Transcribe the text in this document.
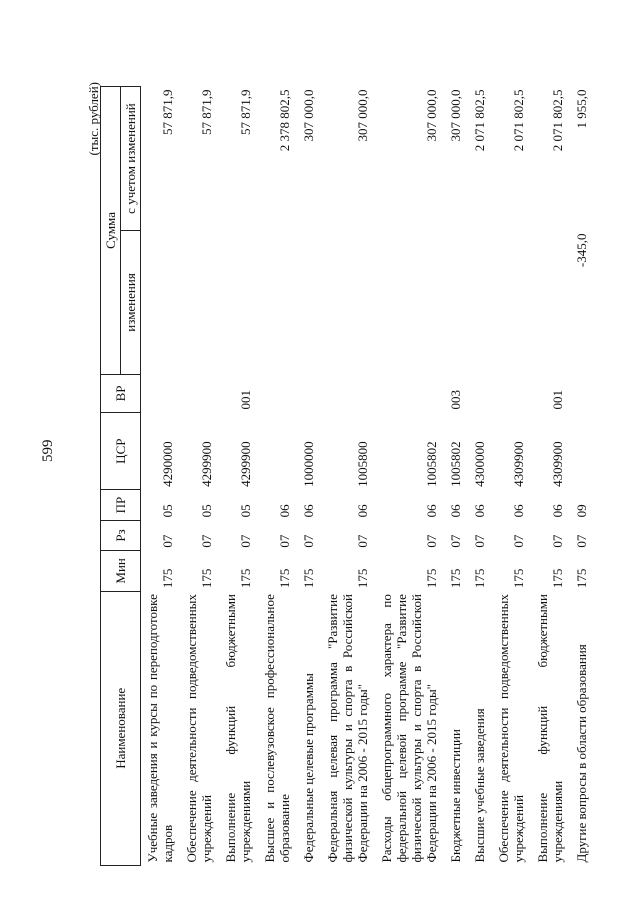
599
(тыс. рублей)
Наименование	Мин	Рз	ПР	ЦСР	ВР	Сумма	
						изменения	с учетом изменений
Учебные заведения и курсы по переподготовке кадров	175	07	05	4290000			57 871,9
Обеспечение деятельности подведомственных учреждений	175	07	05	4299900			57 871,9
Выполнение функций бюджетными учреждениями	175	07	05	4299900	001		57 871,9
Высшее и послевузовское профессиональное образование	175	07	06				2 378 802,5
Федеральные целевые программы	175	07	06	1000000			307 000,0
Федеральная целевая программа "Развитие физической культуры и спорта в Российской Федерации на 2006 - 2015 годы"	175	07	06	1005800			307 000,0
Расходы общепрограммного характера по федеральной целевой программе "Развитие физической культуры и спорта в Российской Федерации на 2006 - 2015 годы"	175	07	06	1005802			307 000,0
Бюджетные инвестиции	175	07	06	1005802	003		307 000,0
Высшие учебные заведения	175	07	06	4300000			2 071 802,5
Обеспечение деятельности подведомственных учреждений	175	07	06	4309900			2 071 802,5
Выполнение функций бюджетными учреждениями	175	07	06	4309900	001		2 071 802,5
Другие вопросы в области образования	175	07	09			-345,0	1 955,0
